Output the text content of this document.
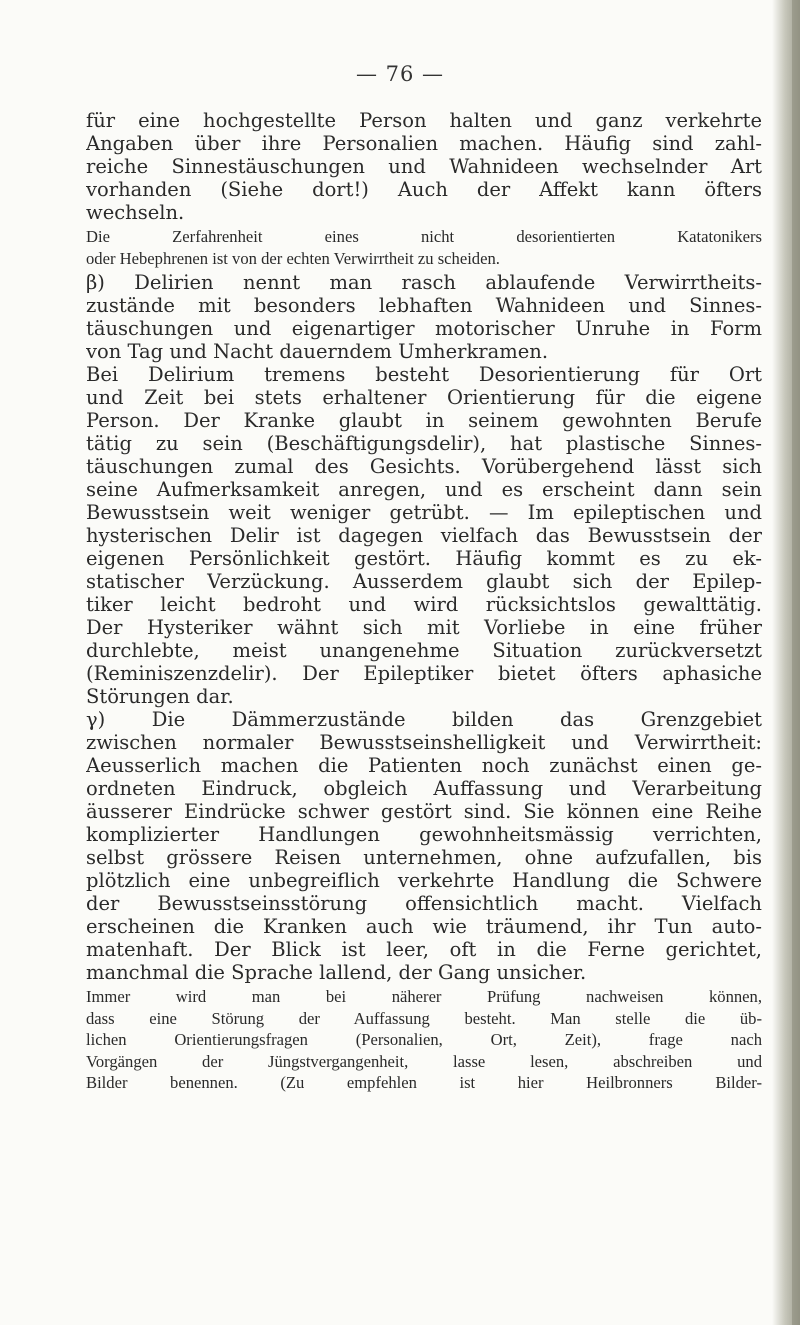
— 76 —
für eine hochgestellte Person halten und ganz verkehrte
Angaben über ihre Personalien machen. Häufig sind zahl-
reiche Sinnestäuschungen und Wahnideen wechselnder Art
vorhanden (Siehe dort!) Auch der Affekt kann öfters
wechseln.
Die Zerfahrenheit eines nicht desorientierten Katatonikers
oder Hebephrenen ist von der echten Verwirrtheit zu scheiden.
β) Delirien nennt man rasch ablaufende Verwirrtheits-
zustände mit besonders lebhaften Wahnideen und Sinnes-
täuschungen und eigenartiger motorischer Unruhe in Form
von Tag und Nacht dauerndem Umherkramen.
Bei Delirium tremens besteht Desorientierung für Ort
und Zeit bei stets erhaltener Orientierung für die eigene
Person. Der Kranke glaubt in seinem gewohnten Berufe
tätig zu sein (Beschäftigungsdelir), hat plastische Sinnes-
täuschungen zumal des Gesichts. Vorübergehend lässt sich
seine Aufmerksamkeit anregen, und es erscheint dann sein
Bewusstsein weit weniger getrübt. — Im epileptischen und
hysterischen Delir ist dagegen vielfach das Bewusstsein der
eigenen Persönlichkeit gestört. Häufig kommt es zu ek-
statischer Verzückung. Ausserdem glaubt sich der Epilep-
tiker leicht bedroht und wird rücksichtslos gewalttätig.
Der Hysteriker wähnt sich mit Vorliebe in eine früher
durchlebte, meist unangenehme Situation zurückversetzt
(Reminiszenzdelir). Der Epileptiker bietet öfters aphasiche
Störungen dar.
γ) Die Dämmerzustände bilden das Grenzgebiet
zwischen normaler Bewusstseinshelligkeit und Verwirrtheit:
Aeusserlich machen die Patienten noch zunächst einen ge-
ordneten Eindruck, obgleich Auffassung und Verarbeitung
äusserer Eindrücke schwer gestört sind. Sie können eine Reihe
komplizierter Handlungen gewohnheitsmässig verrichten,
selbst grössere Reisen unternehmen, ohne aufzufallen, bis
plötzlich eine unbegreiflich verkehrte Handlung die Schwere
der Bewusstseinsstörung offensichtlich macht. Vielfach
erscheinen die Kranken auch wie träumend, ihr Tun auto-
matenhaft. Der Blick ist leer, oft in die Ferne gerichtet,
manchmal die Sprache lallend, der Gang unsicher.
Immer wird man bei näherer Prüfung nachweisen können,
dass eine Störung der Auffassung besteht. Man stelle die üb-
lichen Orientierungsfragen (Personalien, Ort, Zeit), frage nach
Vorgängen der Jüngstvergangenheit, lasse lesen, abschreiben und
Bilder benennen. (Zu empfehlen ist hier Heilbronners Bilder-
